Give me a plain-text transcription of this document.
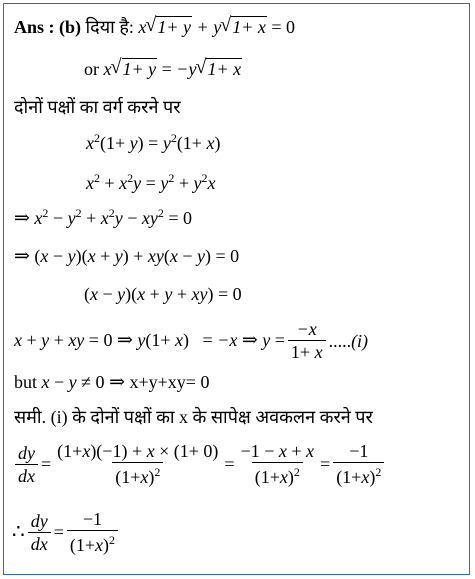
Ans : (b) दिया है: x √ 1+ y + y √ 1+ x = 0
or x √ 1+ y = −y √ 1+ x
दोनों पक्षों का वर्ग करने पर
$x^2(1+ y) = y^2(1+ x)$
$x^2 + x^2y = y^2 + y^2x$
⇒ $x^2 - y^2 + x^2y - xy^2 = 0$
⇒ (x − y)(x + y) + xy(x − y) = 0
(x − y)(x + y + xy) = 0
x + y + xy = 0 ⇒ y(1+ x) = −x ⇒ $y = \frac{-x}{1+ x}$ ..... (i)
but x − y ≠ 0 ⇒ x+y+xy= 0
समी. (i) के दोनों पक्षों का x के सापेक्ष अवकलन करने पर
$\frac{dy}{dx} = \frac{(1+x)(-1) + x \times (1+ 0)}{(1+x)^2} = \frac{-1 - x + x}{(1+x)^2} = \frac{-1}{(1+x)^2}$
∴ $\frac{dy}{dx} = \frac{-1}{(1+x)^2}$
